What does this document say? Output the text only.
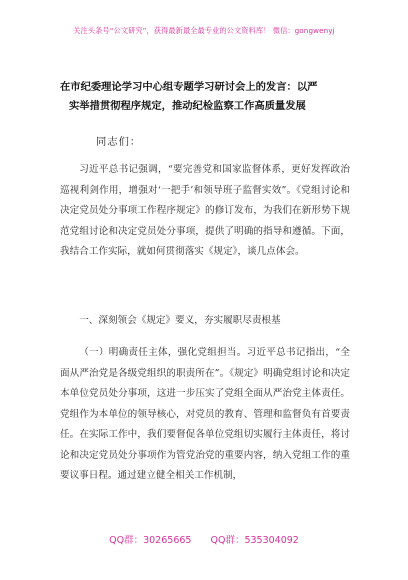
关注头条号“公文研究”，获得最新最全最专业的公文资料库！ 微信：gongwenyj
在市纪委理论学习中心组专题学习研讨会上的发言：以严
实举措贯彻程序规定，推动纪检监察工作高质量发展
同志们：
习近平总书记强调，“要完善党和国家监督体系，更好发挥政治巡视利剑作用，增强对‘一把手’和领导班子监督实效”。《党组讨论和决定党员处分事项工作程序规定》的修订发布，为我们在新形势下规范党组讨论和决定党员处分事项，提供了明确的指导和遵循。下面，我结合工作实际，就如何贯彻落实《规定》，谈几点体会。
一、深刻领会《规定》要义，夯实履职尽责根基
（一）明确责任主体，强化党组担当。习近平总书记指出，“全面从严治党是各级党组织的职责所在”。《规定》明确党组讨论和决定本单位党员处分事项，这进一步压实了党组全面从严治党主体责任。党组作为本单位的领导核心，对党员的教育、管理和监督负有首要责任。在实际工作中，我们要督促各单位党组切实履行主体责任，将讨论和决定党员处分事项作为管党治党的重要内容，纳入党组工作的重要议事日程。通过建立健全相关工作机制，
QQ群：30265665 QQ群：535304092
